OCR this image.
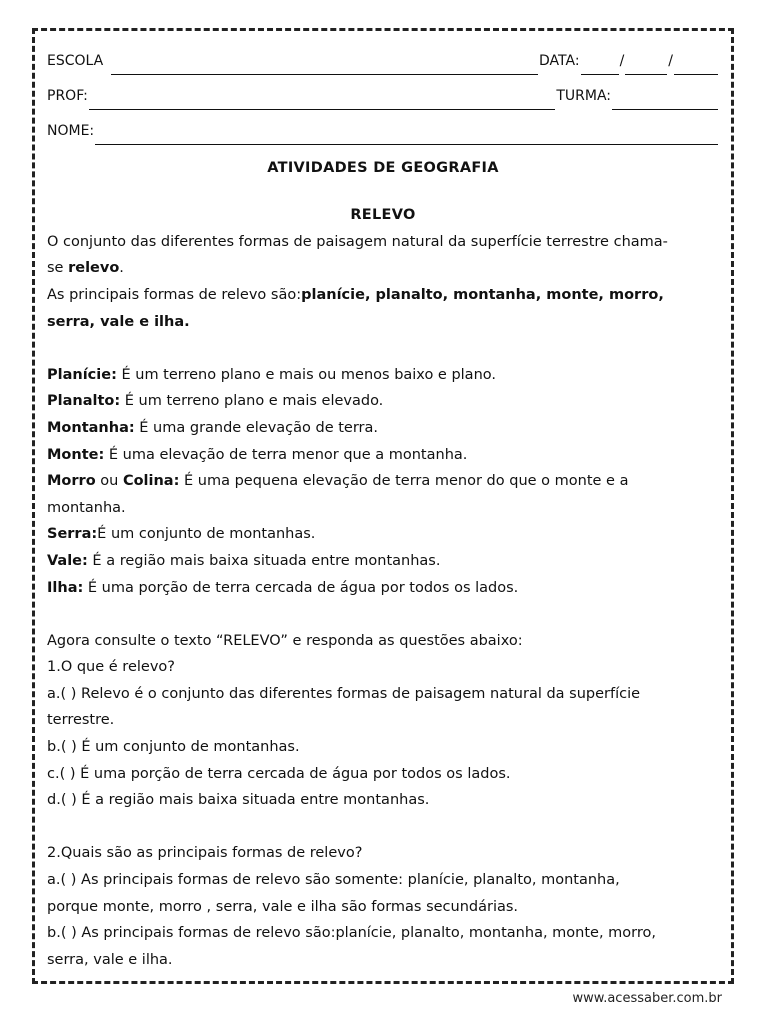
ESCOLA	DATA:	/	/
PROF:	TURMA:
NOME:
ATIVIDADES DE GEOGRAFIA
RELEVO
O conjunto das diferentes formas de paisagem natural da superfície terrestre chama-
se relevo.
As principais formas de relevo são:planície, planalto, montanha, monte, morro,
serra, vale e ilha.
Planície: É um terreno plano e mais ou menos baixo e plano.
Planalto: É um terreno plano e mais elevado.
Montanha: É uma grande elevação de terra.
Monte: É uma elevação de terra menor que a montanha.
Morro ou Colina: É uma pequena elevação de terra menor do que o monte e a
montanha.
Serra:É um conjunto de montanhas.
Vale: É a região mais baixa situada entre montanhas.
Ilha: É uma porção de terra cercada de água por todos os lados.
Agora consulte o texto “RELEVO” e responda as questões abaixo:
1.O que é relevo?
a.( ) Relevo é o conjunto das diferentes formas de paisagem natural da superfície
terrestre.
b.( ) É um conjunto de montanhas.
c.( ) É uma porção de terra cercada de água por todos os lados.
d.( ) É a região mais baixa situada entre montanhas.
2.Quais são as principais formas de relevo?
a.( ) As principais formas de relevo são somente: planície, planalto, montanha,
porque monte, morro , serra, vale e ilha são formas secundárias.
b.( ) As principais formas de relevo são:planície, planalto, montanha, monte, morro,
serra, vale e ilha.
www.acessaber.com.br
